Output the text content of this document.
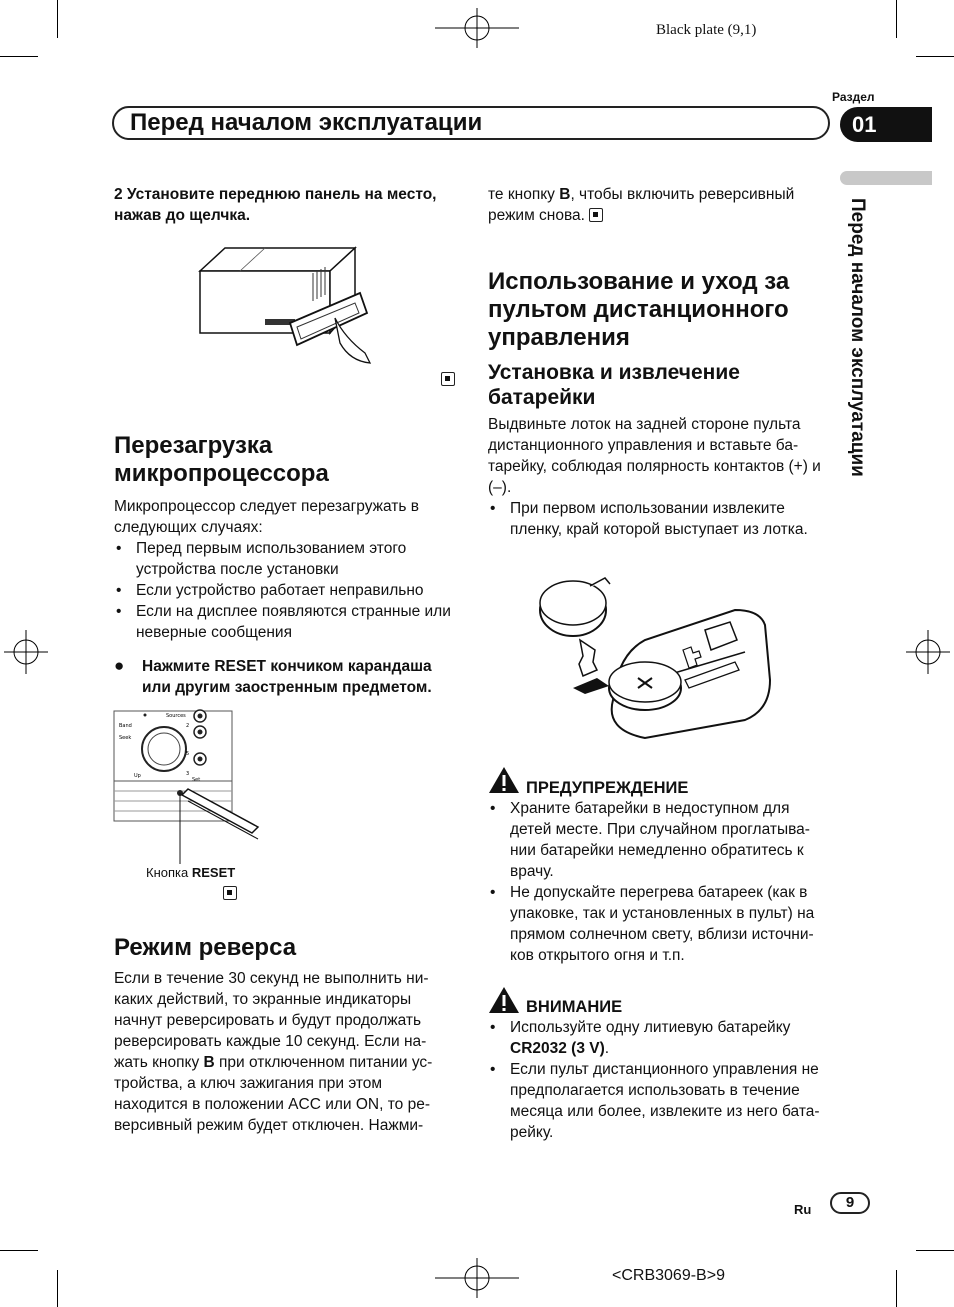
Black plate (9,1)
Перед началом эксплуатации
Раздел
01
Перед началом эксплуатации
2 Установите переднюю панель на место, нажав до щелчка.
Перезагрузка микропроцессора
Микропроцессор следует перезагружать в следующих случаях:
• Перед первым использованием этого устройства после установки
• Если устройство работает неправильно
• Если на дисплее появляются странные или неверные сообщения
● Нажмите RESET кончиком карандаша или другим заостренным предметом.
Band
Sources
2
Seek
5
Up	3
Set
Кнопка RESET
Режим реверса
Если в течение 30 секунд не выполнить ни-каких действий, то экранные индикаторы начнут реверсировать и будут продолжать реверсировать каждые 10 секунд. Если на-жать кнопку B при отключенном питании ус-тройства, а ключ зажигания при этом находится в положении ACC или ON, то ре-версивный режим будет отключен. Нажми-
те кнопку B, чтобы включить реверсивный режим снова.
Использование и уход за пультом дистанционного управления
Установка и извлечение батарейки
Выдвиньте лоток на задней стороне пульта дистанционного управления и вставьте ба-тарейку, соблюдая полярность контактов (+) и (–).
• При первом использовании извлеките пленку, край которой выступает из лотка.
ПРЕДУПРЕЖДЕНИЕ
• Храните батарейки в недоступном для детей месте. При случайном проглатыва-нии батарейки немедленно обратитесь к врачу.
• Не допускайте перегрева батареек (как в упаковке, так и установленных в пульт) на прямом солнечном свету, вблизи источни-ков открытого огня и т.п.
ВНИМАНИЕ
• Используйте одну литиевую батарейку CR2032 (3 V).
• Если пульт дистанционного управления не предполагается использовать в течение месяца или более, извлеките из него бата-рейку.
Ru	9
<CRB3069-B>9
